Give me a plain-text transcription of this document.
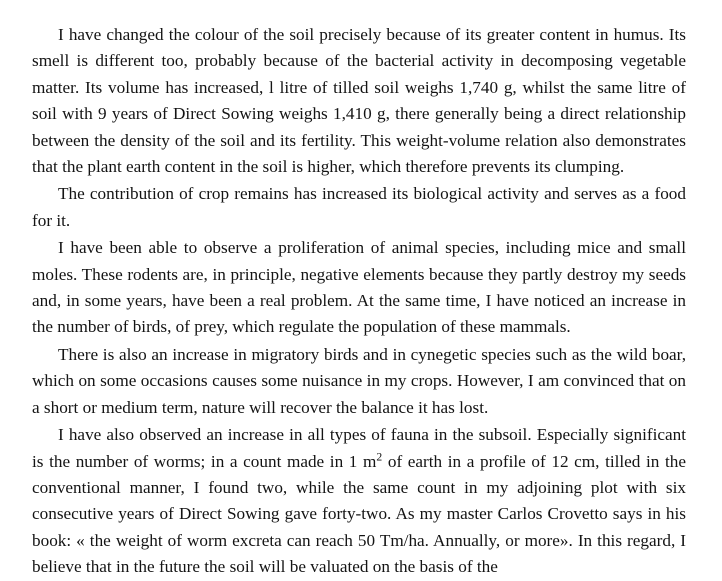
I have changed the colour of the soil precisely because of its greater content in humus. Its smell is different too, probably because of the bacterial activity in decomposing vegetable matter. Its volume has increased, l litre of tilled soil weighs 1,740 g, whilst the same litre of soil with 9 years of Direct Sowing weighs 1,410 g, there generally being a direct relationship between the density of the soil and its fertility. This weight-volume relation also demonstrates that the plant earth content in the soil is higher, which therefore prevents its clumping.

The contribution of crop remains has increased its biological activity and serves as a food for it.

I have been able to observe a proliferation of animal species, including mice and small moles. These rodents are, in principle, negative elements because they partly destroy my seeds and, in some years, have been a real problem. At the same time, I have noticed an increase in the number of birds, of prey, which regulate the population of these mammals.

There is also an increase in migratory birds and in cynegetic species such as the wild boar, which on some occasions causes some nuisance in my crops. However, I am convinced that on a short or medium term, nature will recover the balance it has lost.

I have also observed an increase in all types of fauna in the subsoil. Especially significant is the number of worms; in a count made in 1 $m^2$ of earth in a profile of 12 cm, tilled in the conventional manner, I found two, while the same count in my adjoining plot with six consecutive years of Direct Sowing gave forty-two. As my master Carlos Crovetto says in his book: « the weight of worm excreta can reach 50 Tm/ha. Annually, or more». In this regard, I believe that in the future the soil will be valuated on the basis of the
